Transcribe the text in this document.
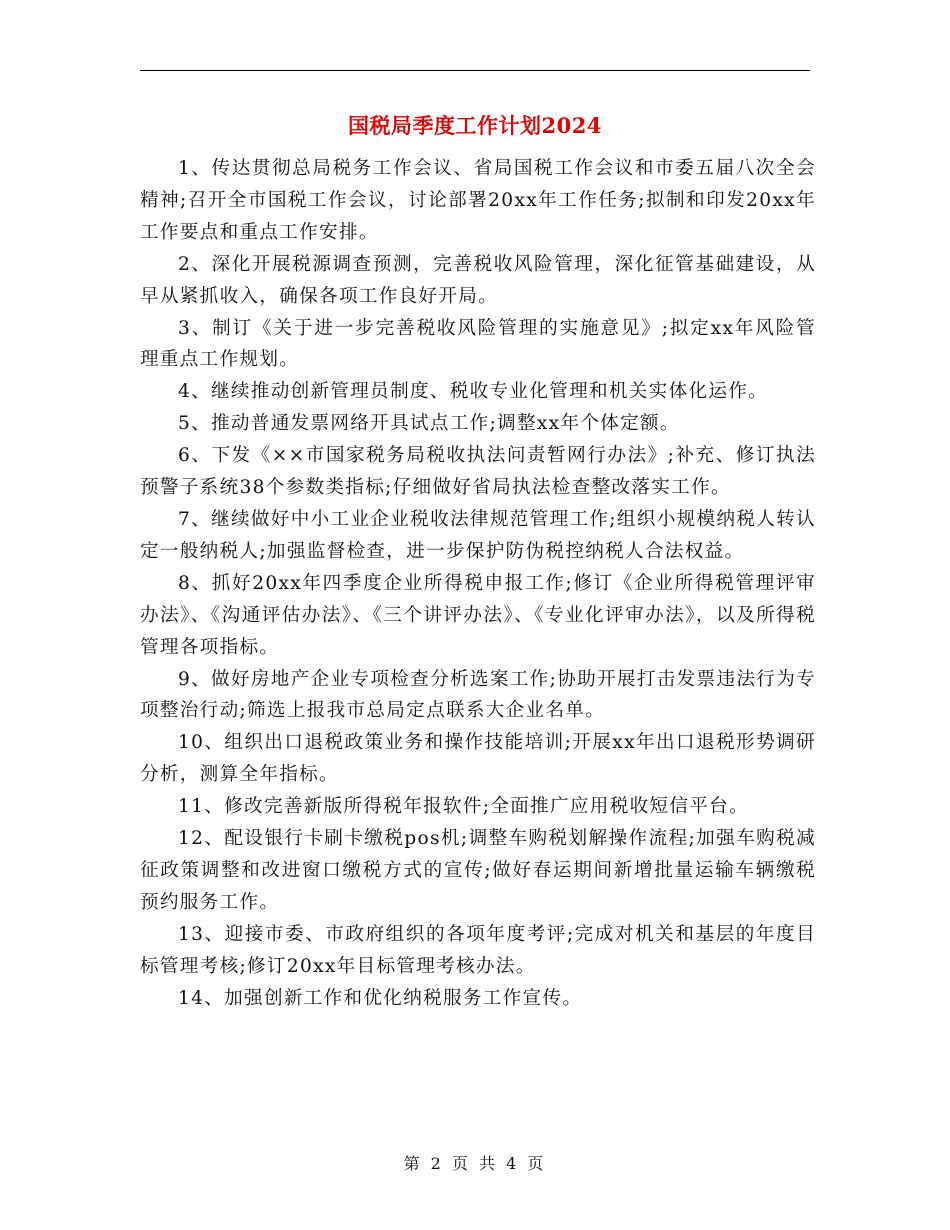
国税局季度工作计划2024

1、传达贯彻总局税务工作会议、省局国税工作会议和市委五届八次全会精神;召开全市国税工作会议，讨论部署20xx年工作任务;拟制和印发20xx年工作要点和重点工作安排。

2、深化开展税源调查预测，完善税收风险管理，深化征管基础建设，从早从紧抓收入，确保各项工作良好开局。

3、制订《关于进一步完善税收风险管理的实施意见》;拟定xx年风险管理重点工作规划。

4、继续推动创新管理员制度、税收专业化管理和机关实体化运作。

5、推动普通发票网络开具试点工作;调整xx年个体定额。

6、下发《××市国家税务局税收执法问责暂网行办法》;补充、修订执法预警子系统38个参数类指标;仔细做好省局执法检查整改落实工作。

7、继续做好中小工业企业税收法律规范管理工作;组织小规模纳税人转认定一般纳税人;加强监督检查，进一步保护防伪税控纳税人合法权益。

8、抓好20xx年四季度企业所得税申报工作;修订《企业所得税管理评审办法》、《沟通评估办法》、《三个讲评办法》、《专业化评审办法》，以及所得税管理各项指标。

9、做好房地产企业专项检查分析选案工作;协助开展打击发票违法行为专项整治行动;筛选上报我市总局定点联系大企业名单。

10、组织出口退税政策业务和操作技能培训;开展xx年出口退税形势调研分析，测算全年指标。

11、修改完善新版所得税年报软件;全面推广应用税收短信平台。

12、配设银行卡刷卡缴税pos机;调整车购税划解操作流程;加强车购税减征政策调整和改进窗口缴税方式的宣传;做好春运期间新增批量运输车辆缴税预约服务工作。

13、迎接市委、市政府组织的各项年度考评;完成对机关和基层的年度目标管理考核;修订20xx年目标管理考核办法。

14、加强创新工作和优化纳税服务工作宣传。

第 2 页 共 4 页
